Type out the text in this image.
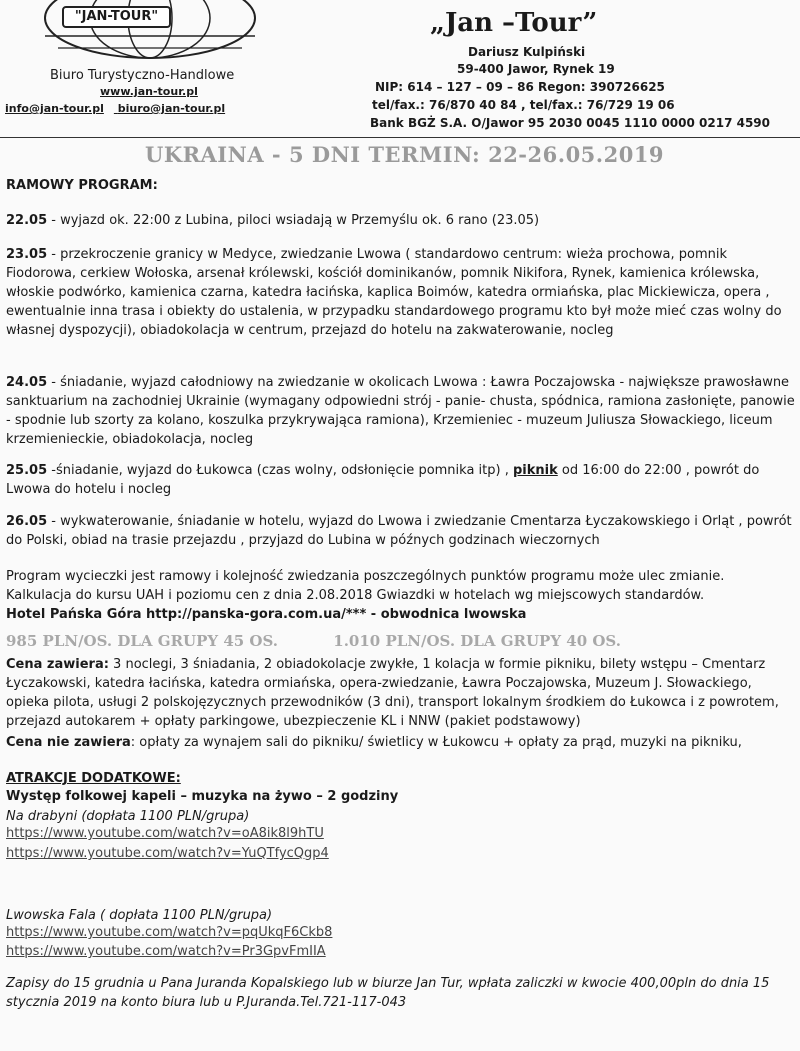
"JAN-TOUR"
Biuro Turystyczno-Handlowe
www.jan-tour.pl
info@jan-tour.pl biuro@jan-tour.pl
„Jan –Tour”
Dariusz Kulpiński
59-400 Jawor, Rynek 19
NIP: 614 – 127 – 09 – 86 Regon: 390726625
tel/fax.: 76/870 40 84 , tel/fax.: 76/729 19 06
Bank BGŻ S.A. O/Jawor 95 2030 0045 1110 0000 0217 4590
UKRAINA - 5 DNI TERMIN: 22-26.05.2019
RAMOWY PROGRAM:
22.05 - wyjazd ok. 22:00 z Lubina, piloci wsiadają w Przemyślu ok. 6 rano (23.05)
23.05 - przekroczenie granicy w Medyce, zwiedzanie Lwowa ( standardowo centrum: wieża prochowa, pomnik Fiodorowa, cerkiew Wołoska, arsenał królewski, kościół dominikanów, pomnik Nikifora, Rynek, kamienica królewska, włoskie podwórko, kamienica czarna, katedra łacińska, kaplica Boimów, katedra ormiańska, plac Mickiewicza, opera , ewentualnie inna trasa i obiekty do ustalenia, w przypadku standardowego programu kto był może mieć czas wolny do własnej dyspozycji), obiadokolacja w centrum, przejazd do hotelu na zakwaterowanie, nocleg
24.05 - śniadanie, wyjazd całodniowy na zwiedzanie w okolicach Lwowa : Ławra Poczajowska - największe prawosławne sanktuarium na zachodniej Ukrainie (wymagany odpowiedni strój - panie- chusta, spódnica, ramiona zasłonięte, panowie - spodnie lub szorty za kolano, koszulka przykrywająca ramiona), Krzemieniec - muzeum Juliusza Słowackiego, liceum krzemienieckie, obiadokolacja, nocleg
25.05 -śniadanie, wyjazd do Łukowca (czas wolny, odsłonięcie pomnika itp) , piknik od 16:00 do 22:00 , powrót do Lwowa do hotelu i nocleg
26.05 - wykwaterowanie, śniadanie w hotelu, wyjazd do Lwowa i zwiedzanie Cmentarza Łyczakowskiego i Orląt , powrót do Polski, obiad na trasie przejazdu , przyjazd do Lubina w późnych godzinach wieczornych
Program wycieczki jest ramowy i kolejność zwiedzania poszczególnych punktów programu może ulec zmianie.
Kalkulacja do kursu UAH i poziomu cen z dnia 2.08.2018 Gwiazdki w hotelach wg miejscowych standardów.
Hotel Pańska Góra http://panska-gora.com.ua/*** - obwodnica lwowska
985 PLN/OS. DLA GRUPY 45 OS.	1.010 PLN/OS. DLA GRUPY 40 OS.
Cena zawiera: 3 noclegi, 3 śniadania, 2 obiadokolacje zwykłe, 1 kolacja w formie pikniku, bilety wstępu – Cmentarz Łyczakowski, katedra łacińska, katedra ormiańska, opera-zwiedzanie, Ławra Poczajowska, Muzeum J. Słowackiego, opieka pilota, usługi 2 polskojęzycznych przewodników (3 dni), transport lokalnym środkiem do Łukowca i z powrotem, przejazd autokarem + opłaty parkingowe, ubezpieczenie KL i NNW (pakiet podstawowy)
Cena nie zawiera: opłaty za wynajem sali do pikniku/ świetlicy w Łukowcu + opłaty za prąd, muzyki na pikniku,
ATRAKCJE DODATKOWE:
Występ folkowej kapeli – muzyka na żywo – 2 godziny
Na drabyni (dopłata 1100 PLN/grupa)
https://www.youtube.com/watch?v=oA8ik8l9hTU
https://www.youtube.com/watch?v=YuQTfycQgp4
Lwowska Fala ( dopłata 1100 PLN/grupa)
https://www.youtube.com/watch?v=pqUkqF6Ckb8
https://www.youtube.com/watch?v=Pr3GpvFmIIA
Zapisy do 15 grudnia u Pana Juranda Kopalskiego lub w biurze Jan Tur, wpłata zaliczki w kwocie 400,00pln do dnia 15 stycznia 2019 na konto biura lub u P.Juranda.Tel.721-117-043
